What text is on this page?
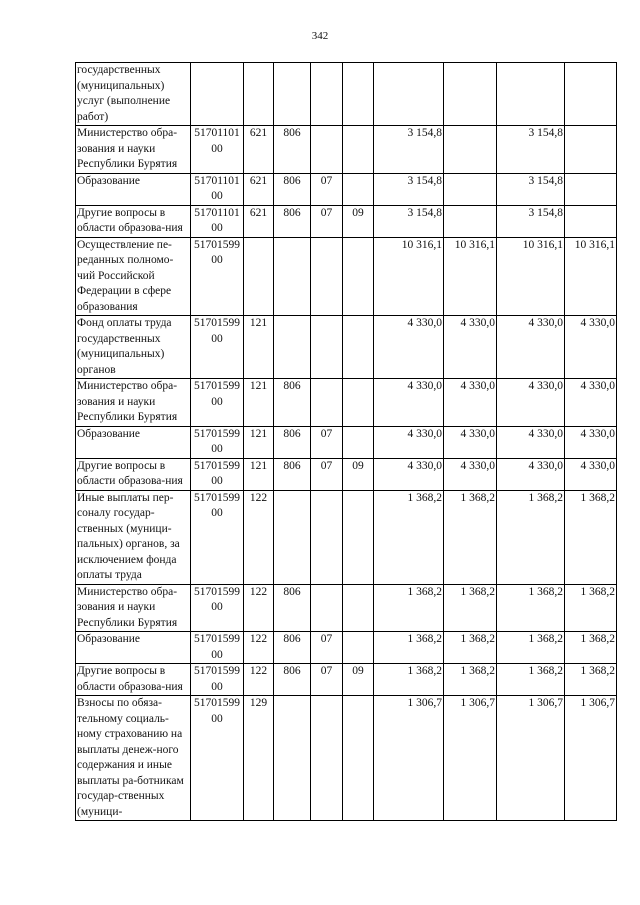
342
государственных (муниципальных) услуг (выполнение работ)									
Министерство обра-зования и науки Республики Бурятия	5170110100	621	806			3 154,8		3 154,8	
Образование	5170110100	621	806	07		3 154,8		3 154,8	
Другие вопросы в области образова-ния	5170110100	621	806	07	09	3 154,8		3 154,8	
Осуществление пе-реданных полномо-чий Российской Федерации в сфере образования	5170159900					10 316,1	10 316,1	10 316,1	10 316,1
Фонд оплаты труда государственных (муниципальных) органов	5170159900	121				4 330,0	4 330,0	4 330,0	4 330,0
Министерство обра-зования и науки Республики Бурятия	5170159900	121	806			4 330,0	4 330,0	4 330,0	4 330,0
Образование	5170159900	121	806	07		4 330,0	4 330,0	4 330,0	4 330,0
Другие вопросы в области образова-ния	5170159900	121	806	07	09	4 330,0	4 330,0	4 330,0	4 330,0
Иные выплаты пер-соналу государ-ственных (муници-пальных) органов, за исключением фонда оплаты труда	5170159900	122				1 368,2	1 368,2	1 368,2	1 368,2
Министерство обра-зования и науки Республики Бурятия	5170159900	122	806			1 368,2	1 368,2	1 368,2	1 368,2
Образование	5170159900	122	806	07		1 368,2	1 368,2	1 368,2	1 368,2
Другие вопросы в области образова-ния	5170159900	122	806	07	09	1 368,2	1 368,2	1 368,2	1 368,2
Взносы по обяза-тельному социаль-ному страхованию на выплаты денеж-ного содержания и иные выплаты ра-ботникам государ-ственных (муници-	5170159900	129				1 306,7	1 306,7	1 306,7	1 306,7
